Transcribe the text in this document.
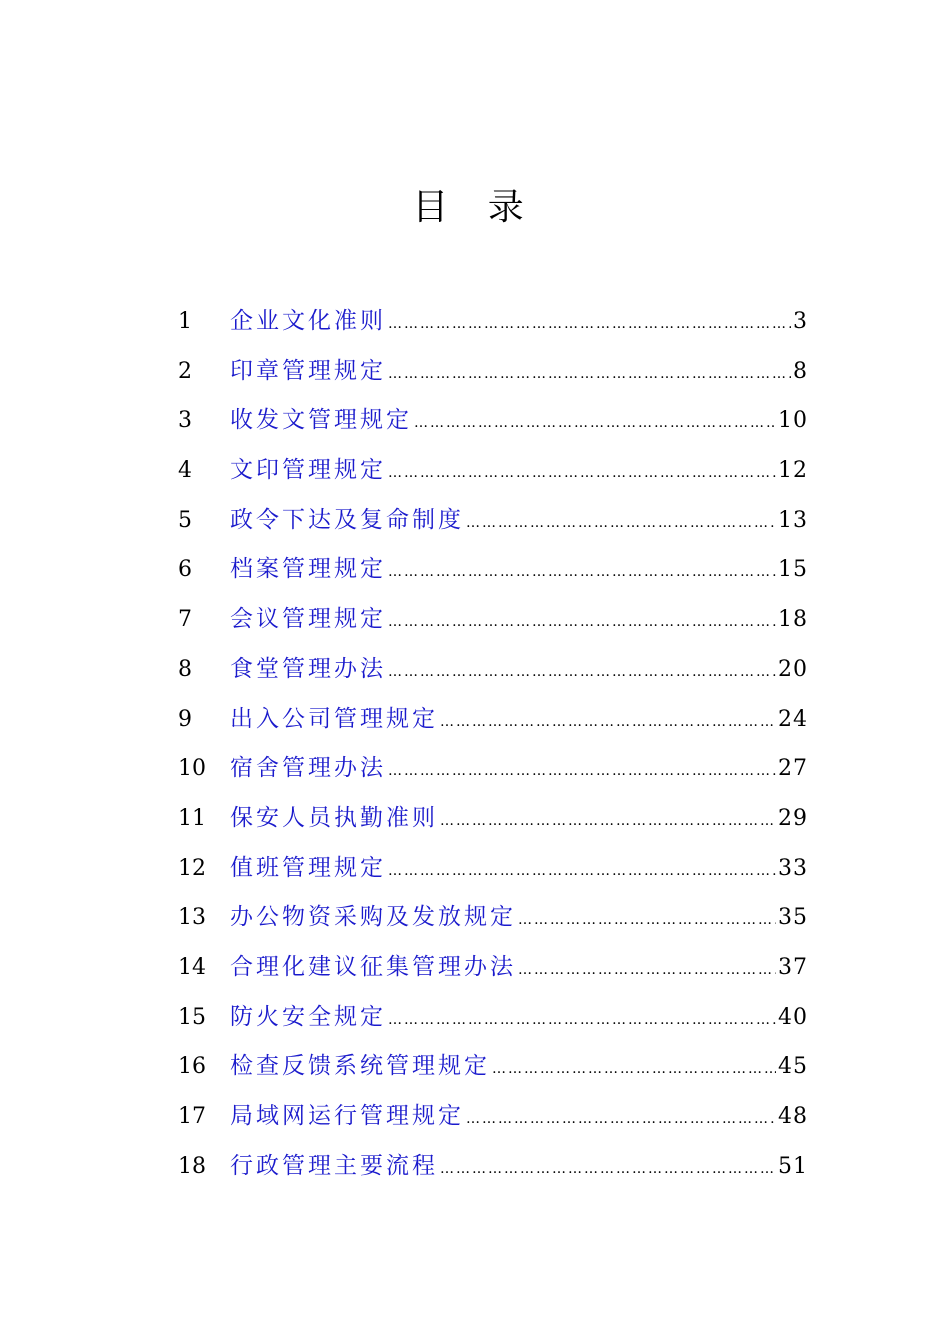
目 录
1	企业文化准则 …………………………………………………………………………………………………………………………	3
2	印章管理规定 …………………………………………………………………………………………………………………………	8
3	收发文管理规定 …………………………………………………………………………………………………………………………	10
4	文印管理规定 …………………………………………………………………………………………………………………………	12
5	政令下达及复命制度 …………………………………………………………………………………………………………………………	13
6	档案管理规定 …………………………………………………………………………………………………………………………	15
7	会议管理规定 …………………………………………………………………………………………………………………………	18
8	食堂管理办法 …………………………………………………………………………………………………………………………	20
9	出入公司管理规定 …………………………………………………………………………………………………………………………	24
10	宿舍管理办法 …………………………………………………………………………………………………………………………	27
11	保安人员执勤准则 …………………………………………………………………………………………………………………………	29
12	值班管理规定 …………………………………………………………………………………………………………………………	33
13	办公物资采购及发放规定 …………………………………………………………………………………………………………………………	35
14	合理化建议征集管理办法 …………………………………………………………………………………………………………………………	37
15	防火安全规定 …………………………………………………………………………………………………………………………	40
16	检查反馈系统管理规定 …………………………………………………………………………………………………………………………	45
17	局域网运行管理规定 …………………………………………………………………………………………………………………………	48
18	行政管理主要流程 …………………………………………………………………………………………………………………………	51
